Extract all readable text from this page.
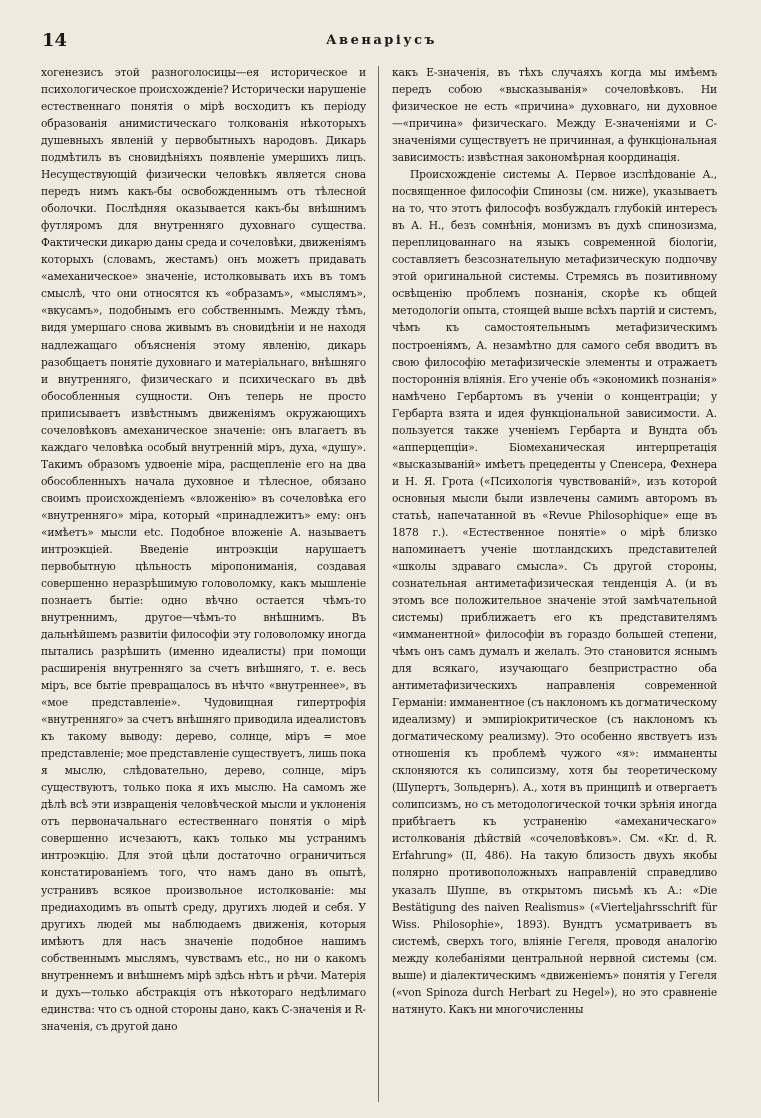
14	Авенаріусъ

хогенезисъ этой разноголосицы—ея историческое и психологическое происхожденіе? Исторически нарушеніе естественнаго понятія о мірѣ восходитъ къ періоду образованія анимистическаго толкованія нѣкоторыхъ душевныхъ явленій у первобытныхъ народовъ. Дикарь подмѣтилъ въ сновидѣніяхъ появленіе умершихъ лицъ. Несуществующій физически человѣкъ является снова передъ нимъ какъ-бы освобожденнымъ отъ тѣлесной оболочки. Послѣдняя оказывается какъ-бы внѣшнимъ футляромъ для внутренняго духовнаго существа. Фактически дикарю даны среда и сочеловѣки, движеніямъ которыхъ (словамъ, жестамъ) онъ можетъ придавать «амеханическое» значеніе, истолковывать ихъ въ томъ смыслѣ, что они относятся къ «образамъ», «мыслямъ», «вкусамъ», подобнымъ его собственнымъ. Между тѣмъ, видя умершаго снова живымъ въ сновидѣніи и не находя надлежащаго объясненія этому явленію, дикарь разобщаетъ понятіе духовнаго и матеріальнаго, внѣшняго и внутренняго, физическаго и психическаго въ двѣ обособленныя сущности. Онъ теперь не просто приписываетъ извѣстнымъ движеніямъ окружающихъ сочеловѣковъ амеханическое значеніе: онъ влагаетъ въ каждаго человѣка особый внутренній міръ, духа, «душу». Такимъ образомъ удвоеніе міра, расщепленіе его на два обособленныхъ начала духовное и тѣлесное, обязано своимъ происхожденіемъ «вложенію» въ сочеловѣка его «внутренняго» міра, который «принадлежитъ» ему: онъ «имѣетъ» мысли etc. Подобное вложеніе А. называетъ интроэкціей. Введеніе интроэкціи нарушаетъ первобытную цѣльность міропониманія, создавая совершенно неразрѣшимую головоломку, какъ мышленіе познаетъ бытіе: одно вѣчно остается чѣмъ-то внутреннимъ, другое—чѣмъ-то внѣшнимъ. Въ дальнѣйшемъ развитіи философіи эту головоломку иногда пытались разрѣшить (именно идеалисты) при помощи расширенія внутренняго за счетъ внѣшняго, т. е. весь міръ, все бытіе превращалось въ нѣчто «внутреннее», въ «мое представленіе». Чудовищная гипертрофія «внутренняго» за счетъ внѣшняго приводила идеалистовъ къ такому выводу: дерево, солнце, міръ = мое представленіе; мое представленіе существуетъ, лишь пока я мыслю, слѣдовательно, дерево, солнце, міръ существуютъ, только пока я ихъ мыслю. На самомъ же дѣлѣ всѣ эти извращенія человѣческой мысли и уклоненія отъ первоначальнаго естественнаго понятія о мірѣ совершенно исчезаютъ, какъ только мы устранимъ интроэкцію. Для этой цѣли достаточно ограничиться констатированіемъ того, что намъ дано въ опытѣ, устранивъ всякое произвольное истолкованіе: мы предиаходимъ въ опытѣ среду, другихъ людей и себя. У другихъ людей мы наблюдаемъ движенія, которыя имѣютъ для насъ значеніе подобное нашимъ собственнымъ мыслямъ, чувствамъ etc., но ни о какомъ внутреннемъ и внѣшнемъ мірѣ здѣсь нѣтъ и рѣчи. Матерія и духъ—только абстракція отъ нѣкотораго недѣлимаго единства: что съ одной стороны дано, какъ С-значенія и R-значенія, съ другой дано

какъ Е-значенія, въ тѣхъ случаяхъ когда мы имѣемъ передъ собою «высказыванія» сочеловѣковъ. Ни физическое не есть «причина» духовнаго, ни духовное—«причина» физическаго. Между Е-значеніями и С-значеніями существуетъ не причинная, а функціональная зависимость: извѣстная закономѣрная координація.

Происхожденіе системы А. Первое изслѣдованіе А., посвященное философіи Спинозы (см. ниже), указываетъ на то, что этотъ философъ возбуждалъ глубокій интересъ въ А. Н., безъ сомнѣнія, монизмъ въ духѣ спинозизма, переплицованнаго на языкъ современной біологіи, составляетъ безсознательную метафизическую подпочву этой оригинальной системы. Стремясь въ позитивному освѣщенію проблемъ познанія, скорѣе къ общей методологіи опыта, стоящей выше всѣхъ партій и системъ, чѣмъ къ самостоятельнымъ метафизическимъ построеніямъ, А. незамѣтно для самого себя вводитъ въ свою философію метафизическіе элементы и отражаетъ постороннія вліянія. Его ученіе объ «экономикѣ познанія» намѣчено Гербартомъ въ ученіи о концентраціи; у Гербарта взята и идея функціональной зависимости. А. пользуется также ученіемъ Гербарта и Вундта объ «апперцепціи». Біомеханическая интерпретація «высказываній» имѣетъ прецеденты у Спенсера, Фехнера и Н. Я. Грота («Психологія чувствованій», изъ которой основныя мысли были извлечены самимъ авторомъ въ статьѣ, напечатанной въ «Revue Philosophique» еще въ 1878 г.). «Естественное понятіе» о мірѣ близко напоминаетъ ученіе шотландскихъ представителей «школы здраваго смысла». Съ другой стороны, сознательная антиметафизическая тенденція А. (и въ этомъ все положительное значеніе этой замѣчательной системы) приближаетъ его къ представителямъ «имманентной» философіи въ гораздо большей степени, чѣмъ онъ самъ думалъ и желалъ. Это становится яснымъ для всякаго, изучающаго безпристрастно оба антиметафизическихъ направленія современной Германіи: имманентное (съ наклономъ къ догматическому идеализму) и эмпиріокритическое (съ наклономъ къ догматическому реализму). Это особенно явствуетъ изъ отношенія къ проблемѣ чужого «я»: имманенты склоняются къ солипсизму, хотя бы теоретическому (Шупертъ, Зольдернъ). А., хотя въ принципѣ и отвергаетъ солипсизмъ, но съ методологической точки зрѣнія иногда прибѣгаетъ къ устраненію «амеханическаго» истолкованія дѣйствій «сочеловѣковъ». См. «Kr. d. R. Erfahrung» (II, 486). На такую близость двухъ якобы полярно противоположныхъ направленій справедливо указалъ Шуппе, въ открытомъ письмѣ къ А.: «Die Bestätigung des naiven Realismus» («Vierteljahrsschrift für Wiss. Philosophie», 1893). Вундтъ усматриваетъ въ системѣ, сверхъ того, вліяніе Гегеля, проводя аналогію между колебаніями центральной нервной системы (см. выше) и діалектическимъ «движеніемъ» понятія у Гегеля («von Spinoza durch Herbart zu Hegel»), но это сравненіе натянуто. Какъ ни многочисленны
